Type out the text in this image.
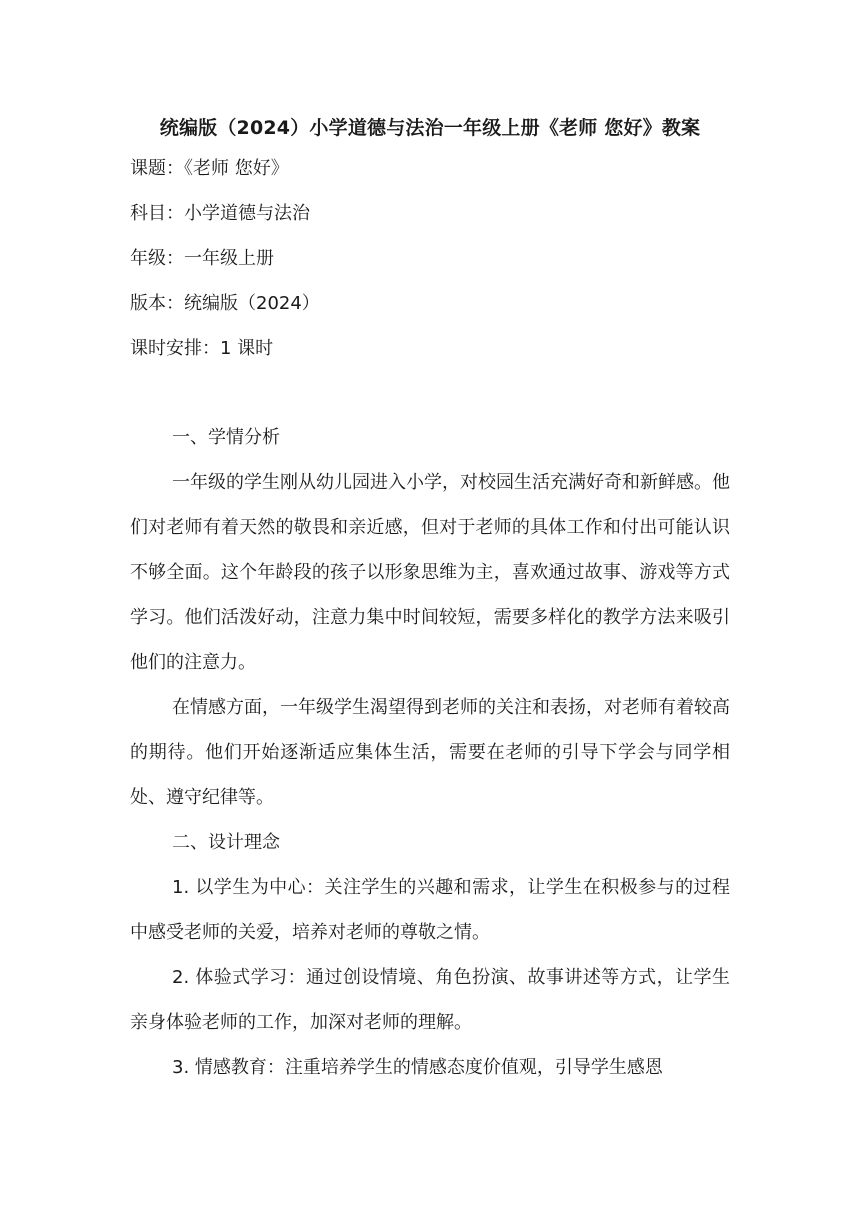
统编版（2024）小学道德与法治一年级上册《老师 您好》教案

课题：《老师 您好》

科目：小学道德与法治

年级：一年级上册

版本：统编版（2024）

课时安排：1 课时

一、学情分析

一年级的学生刚从幼儿园进入小学，对校园生活充满好奇和新鲜感。他们对老师有着天然的敬畏和亲近感，但对于老师的具体工作和付出可能认识不够全面。这个年龄段的孩子以形象思维为主，喜欢通过故事、游戏等方式学习。他们活泼好动，注意力集中时间较短，需要多样化的教学方法来吸引他们的注意力。

在情感方面，一年级学生渴望得到老师的关注和表扬，对老师有着较高的期待。他们开始逐渐适应集体生活，需要在老师的引导下学会与同学相处、遵守纪律等。

二、设计理念

1. 以学生为中心：关注学生的兴趣和需求，让学生在积极参与的过程中感受老师的关爱，培养对老师的尊敬之情。

2. 体验式学习：通过创设情境、角色扮演、故事讲述等方式，让学生亲身体验老师的工作，加深对老师的理解。

3. 情感教育：注重培养学生的情感态度价值观，引导学生感恩
